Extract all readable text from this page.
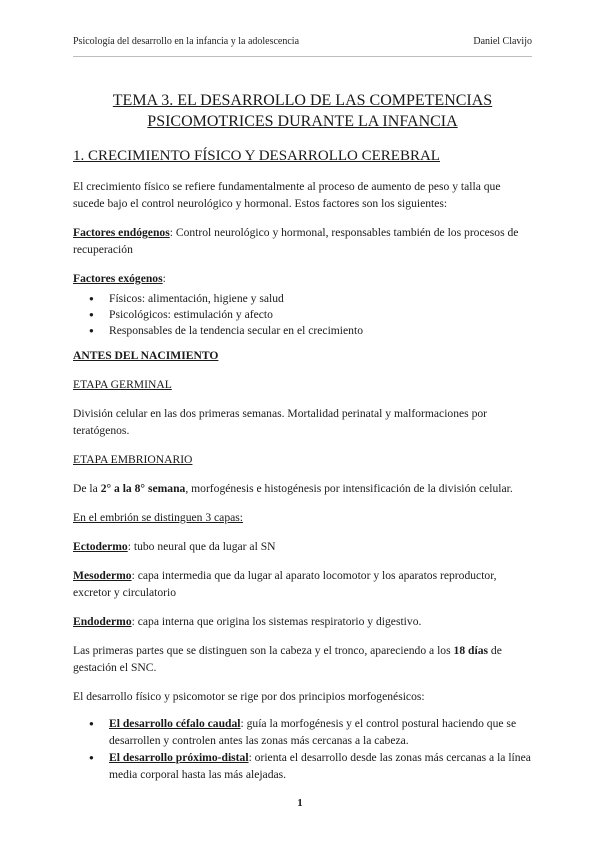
Psicología del desarrollo en la infancia y la adolescencia	Daniel Clavijo
TEMA 3. EL DESARROLLO DE LAS COMPETENCIAS PSICOMOTRICES DURANTE LA INFANCIA
1. CRECIMIENTO FÍSICO Y DESARROLLO CEREBRAL

El crecimiento físico se refiere fundamentalmente al proceso de aumento de peso y talla que sucede bajo el control neurológico y hormonal. Estos factores son los siguientes:

Factores endógenos: Control neurológico y hormonal, responsables también de los procesos de recuperación

Factores exógenos:

● Físicos: alimentación, higiene y salud
● Psicológicos: estimulación y afecto
● Responsables de la tendencia secular en el crecimiento

ANTES DEL NACIMIENTO

ETAPA GERMINAL

División celular en las dos primeras semanas. Mortalidad perinatal y malformaciones por teratógenos.

ETAPA EMBRIONARIO

De la 2° a la 8° semana, morfogénesis e histogénesis por intensificación de la división celular.

En el embrión se distinguen 3 capas:

Ectodermo: tubo neural que da lugar al SN

Mesodermo: capa intermedia que da lugar al aparato locomotor y los aparatos reproductor, excretor y circulatorio

Endodermo: capa interna que origina los sistemas respiratorio y digestivo.

Las primeras partes que se distinguen son la cabeza y el tronco, apareciendo a los 18 días de gestación el SNC.

El desarrollo físico y psicomotor se rige por dos principios morfogenésicos:

● El desarrollo céfalo caudal: guía la morfogénesis y el control postural haciendo que se desarrollen y controlen antes las zonas más cercanas a la cabeza.
● El desarrollo próximo-distal: orienta el desarrollo desde las zonas más cercanas a la línea media corporal hasta las más alejadas.
1
